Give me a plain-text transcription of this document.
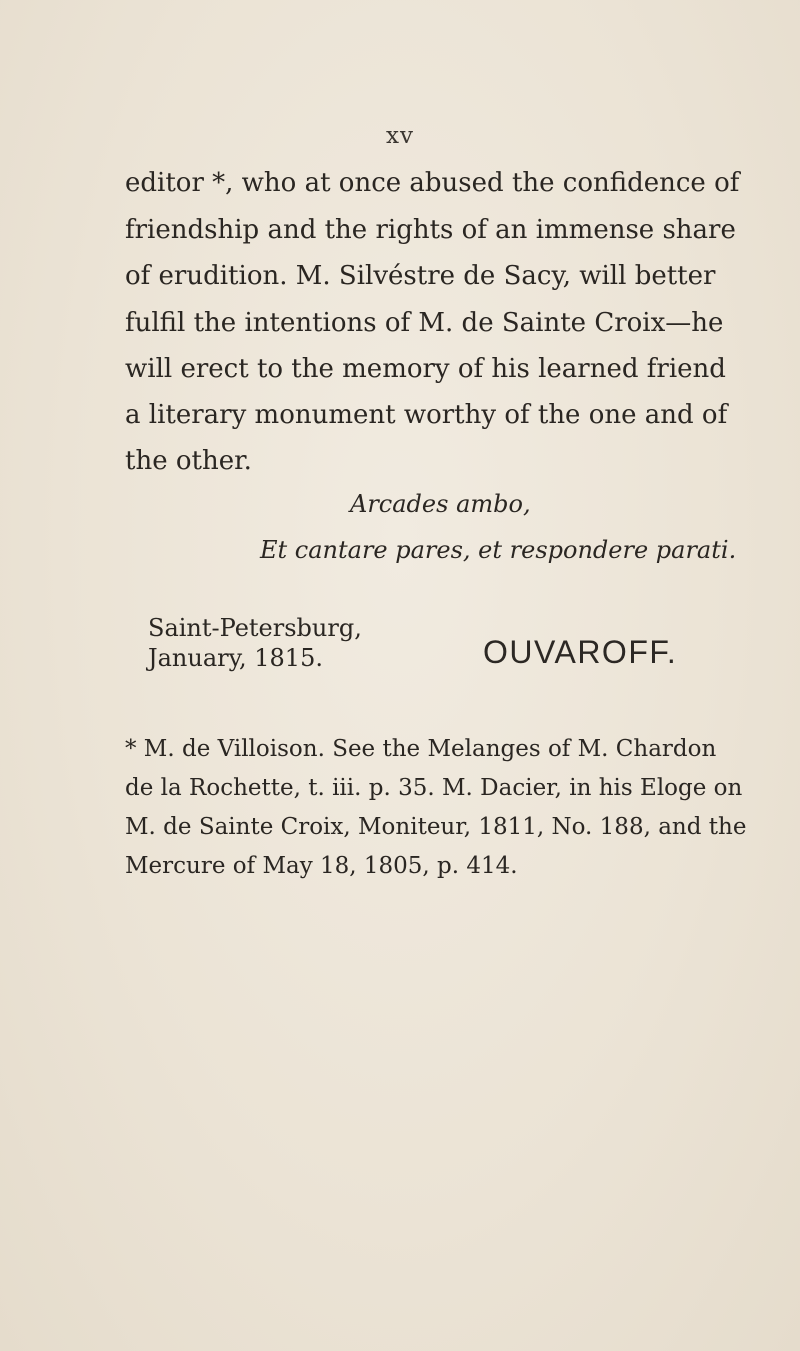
xv
editor *, who at once abused the confidence of
friendship and the rights of an immense share
of erudition. M. Silvéstre de Sacy, will better
fulfil the intentions of M. de Sainte Croix—he
will erect to the memory of his learned friend
a literary monument worthy of the one and of
the other.
Arcades ambo,
Et cantare pares, et respondere parati.
Saint-Petersburg,
January, 1815.	OUVAROFF.
* M. de Villoison. See the Melanges of M. Chardon
de la Rochette, t. iii. p. 35. M. Dacier, in his Eloge on
M. de Sainte Croix, Moniteur, 1811, No. 188, and the
Mercure of May 18, 1805, p. 414.
